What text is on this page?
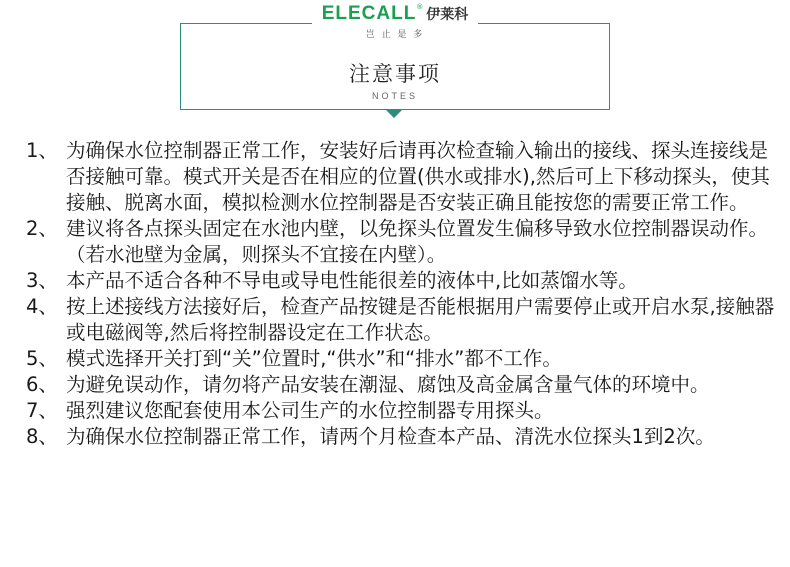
ELECALL® 伊莱科
岂 止 是 多
注意事项
NOTES
1、 为确保水位控制器正常工作，安装好后请再次检查输入输出的接线、探头连接线是否接触可靠。模式开关是否在相应的位置(供水或排水),然后可上下移动探头，使其接触、脱离水面，模拟检测水位控制器是否安装正确且能按您的需要正常工作。
2、 建议将各点探头固定在水池内壁，以免探头位置发生偏移导致水位控制器误动作。（若水池壁为金属，则探头不宜接在内壁）。
3、 本产品不适合各种不导电或导电性能很差的液体中,比如蒸馏水等。
4、 按上述接线方法接好后，检查产品按键是否能根据用户需要停止或开启水泵,接触器或电磁阀等,然后将控制器设定在工作状态。
5、 模式选择开关打到“关”位置时,“供水”和“排水”都不工作。
6、 为避免误动作，请勿将产品安装在潮湿、腐蚀及高金属含量气体的环境中。
7、 强烈建议您配套使用本公司生产的水位控制器专用探头。
8、 为确保水位控制器正常工作，请两个月检查本产品、清洗水位探头1到2次。
